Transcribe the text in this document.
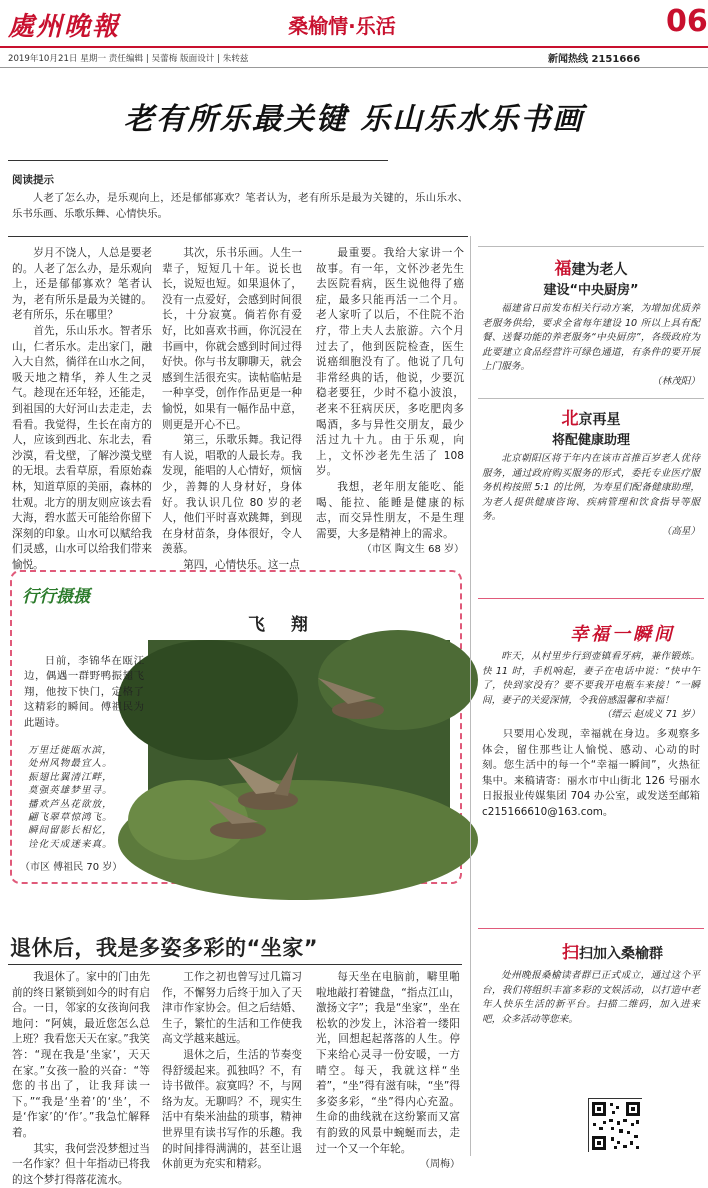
處州晚報	桑榆情·乐活	06
2019年10月21日 星期一 责任编辑 | 吴蕾梅 版面设计 | 朱转兹	新闻热线 2151666
老有所乐最关键 乐山乐水乐书画
阅读提示

人老了怎么办，是乐观向上，还是郁郁寡欢？笔者认为，老有所乐是最为关键的，乐山乐水、乐书乐画、乐歌乐舞、心情快乐。

岁月不饶人，人总是要老的。人老了怎么办，是乐观向上，还是郁郁寡欢？笔者认为，老有所乐是最为关键的。老有所乐，乐在哪里？

首先，乐山乐水。智者乐山，仁者乐水。走出家门，融入大自然，徜徉在山水之间，吸天地之精华，养人生之灵气。趁现在还年轻，还能走，到祖国的大好河山去走走，去看看。我觉得，生长在南方的人，应该到西北、东北去，看沙漠，看戈壁，了解沙漠戈壁的无垠。去看草原，看原始森林，知道草原的美丽，森林的壮观。北方的朋友则应该去看大海，碧水蓝天可能给你留下深刻的印象。山水可以赋给我们灵感，山水可以给我们带来愉悦。

其次，乐书乐画。人生一辈子，短短几十年。说长也长，说短也短。如果退休了，没有一点爱好，会感到时间很长，十分寂寞。倘若你有爱好，比如喜欢书画，你沉浸在书画中，你就会感到时间过得好快。你与书友聊聊天，就会感到生活很充实。读帖临帖是一种享受，创作作品更是一种愉悦，如果有一幅作品中意，则更是开心不已。

第三，乐歌乐舞。我记得有人说，唱歌的人最长寿。我发现，能唱的人心情好，烦恼少，善舞的人身材好，身体好。我认识几位 80 岁的老人，他们平时喜欢跳舞，到现在身材苗条，身体很好，令人羡慕。

第四，心情快乐。这一点

最重要。我给大家讲一个故事。有一年，文怀沙老先生去医院看病，医生说他得了癌症，最多只能再活一二个月。老人家听了以后，不住院不治疗，带上夫人去旅游。六个月过去了，他到医院检查，医生说癌细胞没有了。他说了几句非常经典的话，他说，少要沉稳老要狂，少时不稳小波浪，老来不狂病厌厌，多吃肥肉多喝酒，多与异性交朋友，最少活过九十九。由于乐观，向上，文怀沙老先生活了 108 岁。

我想，老年朋友能吃、能喝、能拉、能睡是健康的标志，而交异性朋友，不是生理需要，大多是精神上的需求。

（市区 陶文生 68 岁）

行行摄摄
飞 翔

日前，李锦华在瓯江边，偶遇一群野鸭振翅飞翔，他按下快门，定格了这精彩的瞬间。傅祖民为此题诗。

万里迁徙瓯水滨，
处州风物最宜人。
振翅比翼清江畔，
莫强英雄梦里寻。
播欢芦丛花欲放，
翩飞翠草惊鸿飞。
瞬间留影长相忆，
诠化天成迷来真。
（市区 傅祖民 70 岁）
退休后，我是多姿多彩的“坐家”

我退休了。家中的门由先前的终日紧锁到如今的时有启合。一日，邻家的女孩询问我地问：“阿姨，最近您怎么总上班？我看您天天在家。”我笑答：“现在我是‘坐家’，天天在家。”女孩一脸的兴奋：“等您的书出了，让我拜读一下。”“我是‘坐着’的‘坐’，不是‘作家’的‘作’。”我急忙解释着。

其实，我何尝没梦想过当一名作家？但十年指动已将我的这个梦打得落花流水。

工作之初也曾写过几篇习作，不懈努力后终于加入了天津市作家协会。但之后结婚、生子，繁忙的生活和工作使我高文学越来越远。

退休之后，生活的节奏变得舒缓起来。孤独吗？不，有诗书做伴。寂寞吗？不，与网络为友。无聊吗？不，现实生活中有柴米油盐的琐事，精神世界里有读书写作的乐趣。我的时间排得满满的，甚至让退休前更为充实和精彩。

每天坐在电脑前，噼里啪啦地敲打着键盘，“指点江山，激扬文字”；我是“坐家”，坐在松软的沙发上，沐浴着一缕阳光，回想起起落落的人生。停下来给心灵寻一份安暖，一方晴空。每天，我就这样“坐着”，“坐”得有滋有味，“坐”得多姿多彩，“坐”得内心充盈。生命的曲线就在这纷繁而又富有韵致的风景中蜿蜒而去，走过一个又一个年轮。

（周梅）

福建为老人
建设“中央厨房”

福建省日前发布相关行动方案，为增加优质养老服务供给，要求全省每年建设 10 所以上具有配餐、送餐功能的养老服务“中央厨房”，各级政府为此要建立食品经营许可绿色通道，有条件的要开展上门服务。

（林茂阳）

北京再星
将配健康助理

北京朝阳区将于年内在该市首推百岁老人优待服务，通过政府购买服务的形式，委托专业医疗服务机构按照 5:1 的比例，为寿星们配备健康助理，为老人提供健康咨询、疾病管理和饮食指导等服务。

（高星）

幸福一瞬间

昨天，从村里步行到壶镇看牙病，兼作锻炼。快 11 时，手机响起，妻子在电话中说：“快中午了，快到家没有？要不要我开电瓶车来接！”一瞬间，妻子的关爱深情，令我倍感温馨和幸福！

（缙云 赵成义 71 岁）

只要用心发现，幸福就在身边。多观察多体会，留住那些让人愉悦、感动、心动的时刻。您生活中的每一个“幸福一瞬间”，火热征集中。来稿请寄：丽水市中山街北 126 号丽水日报报业传媒集团 704 办公室，或发送至邮箱 c215166610@163.com。

扫扫加入桑榆群

处州晚报桑榆读者群已正式成立，通过这个平台，我们将组织丰富多彩的文娱活动，以打造中老年人快乐生活的新平台。扫描二维码，加入进来吧，众多活动等您来。
